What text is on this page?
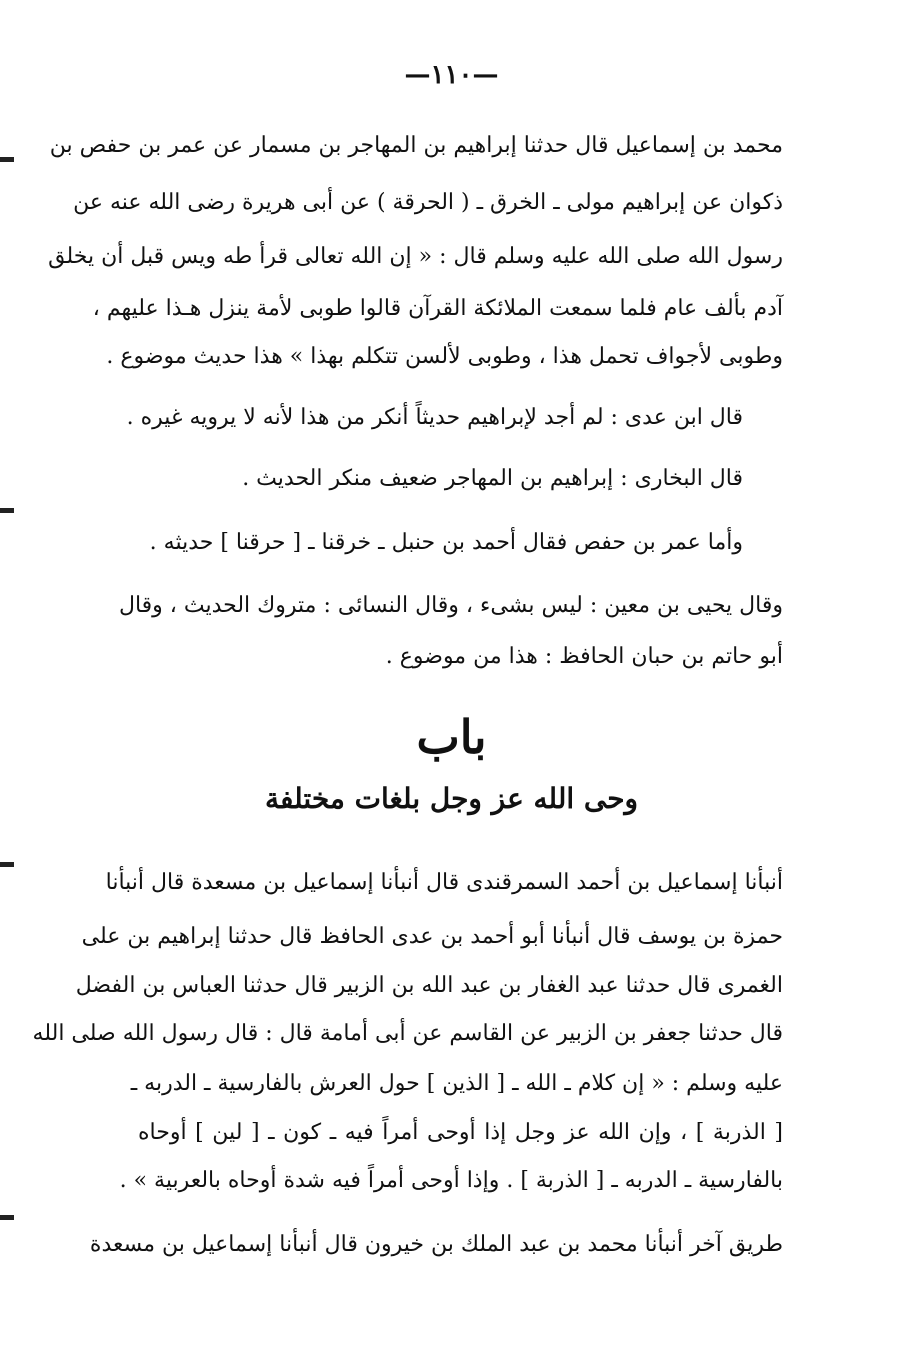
—١١٠—
محمد بن إسماعيل قال حدثنا إبراهيم بن المهاجر بن مسمار عن عمر بن حفص بن
ذكوان عن إبراهيم مولى ـ الخرق ـ ( الحرقة ) عن أبى هريرة رضى الله عنه عن
رسول الله صلى الله عليه وسلم قال : « إن الله تعالى قرأ طه ويس قبل أن يخلق
آدم بألف عام فلما سمعت الملائكة القرآن قالوا طوبى لأمة ينزل هـذا عليهم ،
وطوبى لأجواف تحمل هذا ، وطوبى لألسن تتكلم بهذا » هذا حديث موضوع .
قال ابن عدى : لم أجد لإبراهيم حديثاً أنكر من هذا لأنه لا يرويه غيره .
قال البخارى : إبراهيم بن المهاجر ضعيف منكر الحديث .
وأما عمر بن حفص فقال أحمد بن حنبل ـ خرقنا ـ [ حرقنا ] حديثه .
وقال يحيى بن معين : ليس بشىء ، وقال النسائى : متروك الحديث ، وقال
أبو حاتم بن حبان الحافظ : هذا من موضوع .
باب
وحى الله عز وجل بلغات مختلفة
أنبأنا إسماعيل بن أحمد السمرقندى قال أنبأنا إسماعيل بن مسعدة قال أنبأنا
حمزة بن يوسف قال أنبأنا أبو أحمد بن عدى الحافظ قال حدثنا إبراهيم بن على
الغمرى قال حدثنا عبد الغفار بن عبد الله بن الزبير قال حدثنا العباس بن الفضل
قال حدثنا جعفر بن الزبير عن القاسم عن أبى أمامة قال : قال رسول الله صلى الله
عليه وسلم : « إن كلام ـ الله ـ [ الذين ] حول العرش بالفارسية ـ الدربه ـ
[ الذربة ] ، وإن الله عز وجل إذا أوحى أمراً فيه ـ كون ـ [ لين ] أوحاه
بالفارسية ـ الدربه ـ [ الذربة ] . وإذا أوحى أمراً فيه شدة أوحاه بالعربية » .
طريق آخر أنبأنا محمد بن عبد الملك بن خيرون قال أنبأنا إسماعيل بن مسعدة
